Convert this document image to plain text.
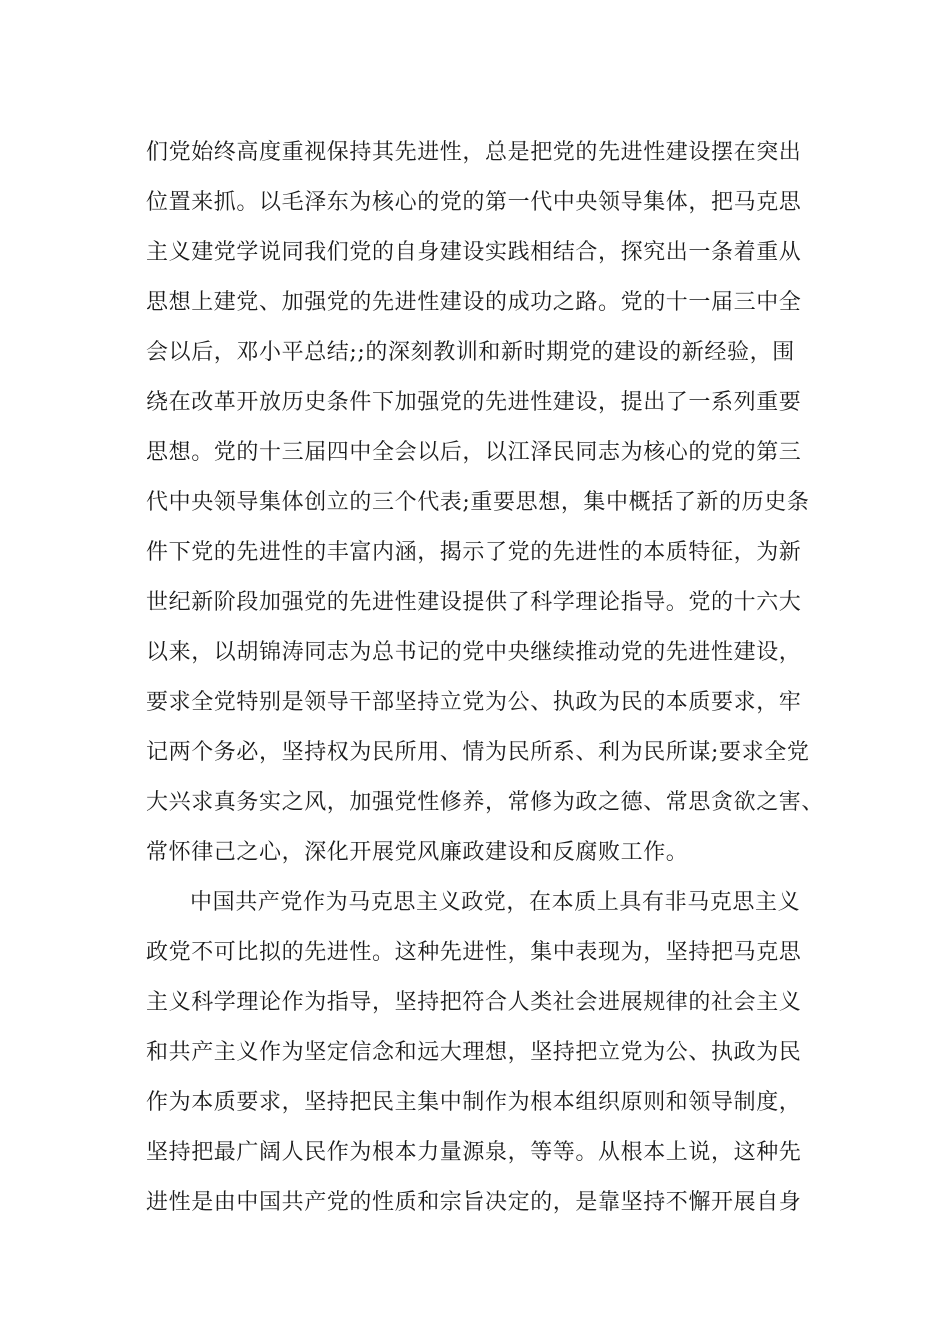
们党始终高度重视保持其先进性，总是把党的先进性建设摆在突出
位置来抓。以毛泽东为核心的党的第一代中央领导集体，把马克思
主义建党学说同我们党的自身建设实践相结合，探究出一条着重从
思想上建党、加强党的先进性建设的成功之路。党的十一届三中全
会以后，邓小平总结;;的深刻教训和新时期党的建设的新经验，围
绕在改革开放历史条件下加强党的先进性建设，提出了一系列重要
思想。党的十三届四中全会以后，以江泽民同志为核心的党的第三
代中央领导集体创立的三个代表;重要思想，集中概括了新的历史条
件下党的先进性的丰富内涵，揭示了党的先进性的本质特征，为新
世纪新阶段加强党的先进性建设提供了科学理论指导。党的十六大
以来，以胡锦涛同志为总书记的党中央继续推动党的先进性建设，
要求全党特别是领导干部坚持立党为公、执政为民的本质要求，牢
记两个务必，坚持权为民所用、情为民所系、利为民所谋;要求全党
大兴求真务实之风，加强党性修养，常修为政之德、常思贪欲之害、
常怀律己之心，深化开展党风廉政建设和反腐败工作。
中国共产党作为马克思主义政党，在本质上具有非马克思主义
政党不可比拟的先进性。这种先进性，集中表现为，坚持把马克思
主义科学理论作为指导，坚持把符合人类社会进展规律的社会主义
和共产主义作为坚定信念和远大理想，坚持把立党为公、执政为民
作为本质要求，坚持把民主集中制作为根本组织原则和领导制度，
坚持把最广阔人民作为根本力量源泉，等等。从根本上说，这种先
进性是由中国共产党的性质和宗旨决定的，是靠坚持不懈开展自身
